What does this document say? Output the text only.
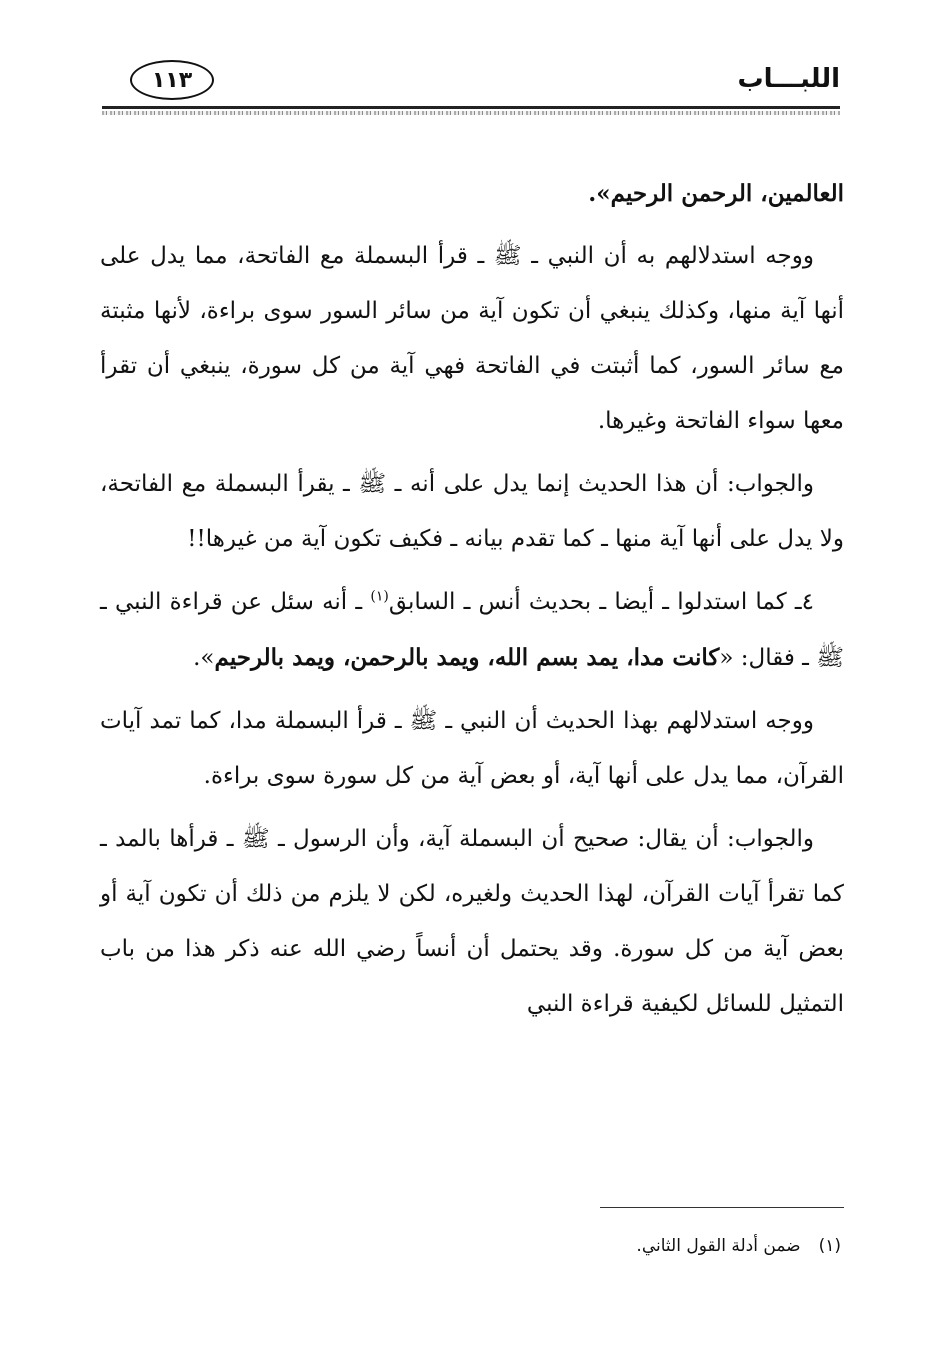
اللبـــاب
١١٣

العالمين، الرحمن الرحيم».

ووجه استدلالهم به أن النبي ـ ﷺ ـ قرأ البسملة مع الفاتحة، مما يدل على أنها آية منها، وكذلك ينبغي أن تكون آية من سائر السور سوى براءة، لأنها مثبتة مع سائر السور، كما أثبتت في الفاتحة فهي آية من كل سورة، ينبغي أن تقرأ معها سواء الفاتحة وغيرها.

والجواب: أن هذا الحديث إنما يدل على أنه ـ ﷺ ـ يقرأ البسملة مع الفاتحة، ولا يدل على أنها آية منها ـ كما تقدم بيانه ـ فكيف تكون آية من غيرها!!

٤ـ كما استدلوا ـ أيضا ـ بحديث أنس ـ السابق$^{(١)}$ ـ أنه سئل عن قراءة النبي ـ ﷺ ـ فقال: «كانت مدا، يمد بسم الله، ويمد بالرحمن، ويمد بالرحيم».

ووجه استدلالهم بهذا الحديث أن النبي ـ ﷺ ـ قرأ البسملة مدا، كما تمد آيات القرآن، مما يدل على أنها آية، أو بعض آية من كل سورة سوى براءة.

والجواب: أن يقال: صحيح أن البسملة آية، وأن الرسول ـ ﷺ ـ قرأها بالمد ـ كما تقرأ آيات القرآن، لهذا الحديث ولغيره، لكن لا يلزم من ذلك أن تكون آية أو بعض آية من كل سورة. وقد يحتمل أن أنساً رضي الله عنه ذكر هذا من باب التمثيل للسائل لكيفية قراءة النبي

(١)ضمن أدلة القول الثاني.
